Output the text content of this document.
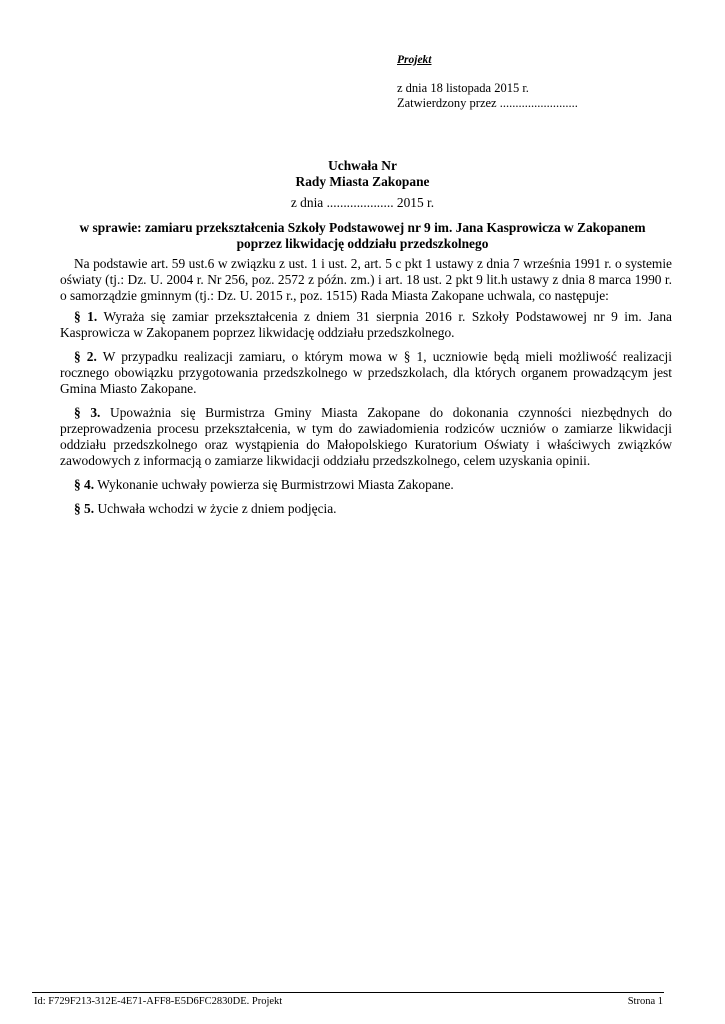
Projekt
z dnia 18 listopada 2015 r.
Zatwierdzony przez .........................
Uchwała Nr
Rady Miasta Zakopane
z dnia .................... 2015 r.
w sprawie: zamiaru przekształcenia Szkoły Podstawowej nr 9 im. Jana Kasprowicza w Zakopanem
poprzez likwidację oddziału przedszkolnego

Na podstawie art. 59 ust.6 w związku z ust. 1 i ust. 2, art. 5 c pkt 1 ustawy z dnia 7 września 1991 r. o systemie oświaty (tj.: Dz. U. 2004 r. Nr 256, poz. 2572 z późn. zm.) i art. 18 ust. 2 pkt 9 lit.h ustawy z dnia 8 marca 1990 r. o samorządzie gminnym (tj.: Dz. U. 2015 r., poz. 1515) Rada Miasta Zakopane uchwala, co następuje:

§ 1. Wyraża się zamiar przekształcenia z dniem 31 sierpnia 2016 r. Szkoły Podstawowej nr 9 im. Jana Kasprowicza w Zakopanem poprzez likwidację oddziału przedszkolnego.

§ 2. W przypadku realizacji zamiaru, o którym mowa w § 1, uczniowie będą mieli możliwość realizacji rocznego obowiązku przygotowania przedszkolnego w przedszkolach, dla których organem prowadzącym jest Gmina Miasto Zakopane.

§ 3. Upoważnia się Burmistrza Gminy Miasta Zakopane do dokonania czynności niezbędnych do przeprowadzenia procesu przekształcenia, w tym do zawiadomienia rodziców uczniów o zamiarze likwidacji oddziału przedszkolnego oraz wystąpienia do Małopolskiego Kuratorium Oświaty i właściwych związków zawodowych z informacją o zamiarze likwidacji oddziału przedszkolnego, celem uzyskania opinii.

§ 4. Wykonanie uchwały powierza się Burmistrzowi Miasta Zakopane.

§ 5. Uchwała wchodzi w życie z dniem podjęcia.

Id: F729F213-312E-4E71-AFF8-E5D6FC2830DE. Projekt	Strona 1
